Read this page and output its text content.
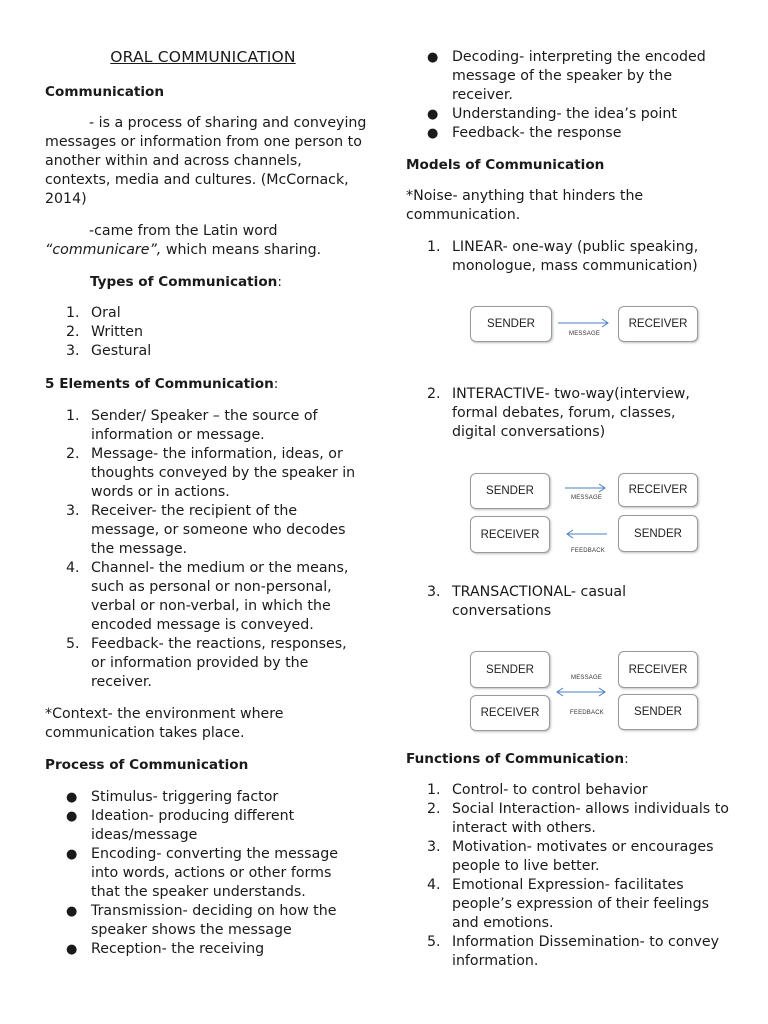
ORAL COMMUNICATION
Communication
- is a process of sharing and conveying messages or information from one person to another within and across channels, contexts, media and cultures. (McCornack, 2014)
-came from the Latin word “communicare”, which means sharing.
Types of Communication:
1. Oral
2. Written
3. Gestural
5 Elements of Communication:
1. Sender/ Speaker – the source of information or message.
2. Message- the information, ideas, or thoughts conveyed by the speaker in words or in actions.
3. Receiver- the recipient of the message, or someone who decodes the message.
4. Channel- the medium or the means, such as personal or non-personal, verbal or non-verbal, in which the encoded message is conveyed.
5. Feedback- the reactions, responses, or information provided by the receiver.
*Context- the environment where communication takes place.
Process of Communication
● Stimulus- triggering factor
● Ideation- producing different ideas/message
● Encoding- converting the message into words, actions or other forms that the speaker understands.
● Transmission- deciding on how the speaker shows the message
● Reception- the receiving
● Decoding- interpreting the encoded message of the speaker by the receiver.
● Understanding- the idea’s point
● Feedback- the response
Models of Communication
*Noise- anything that hinders the communication.
1. LINEAR- one-way (public speaking, monologue, mass communication)
2. INTERACTIVE- two-way(interview, formal debates, forum, classes, digital conversations)
3. TRANSACTIONAL- casual conversations
Functions of Communication:
1. Control- to control behavior
2. Social Interaction- allows individuals to interact with others.
3. Motivation- motivates or encourages people to live better.
4. Emotional Expression- facilitates people’s expression of their feelings and emotions.
5. Information Dissemination- to convey information.
SENDER	RECEIVER
MESSAGE
SENDER	RECEIVER
MESSAGE
RECEIVER	SENDER
FEEDBACK
SENDER	RECEIVER
MESSAGE
RECEIVER	FEEDBACK	SENDER
